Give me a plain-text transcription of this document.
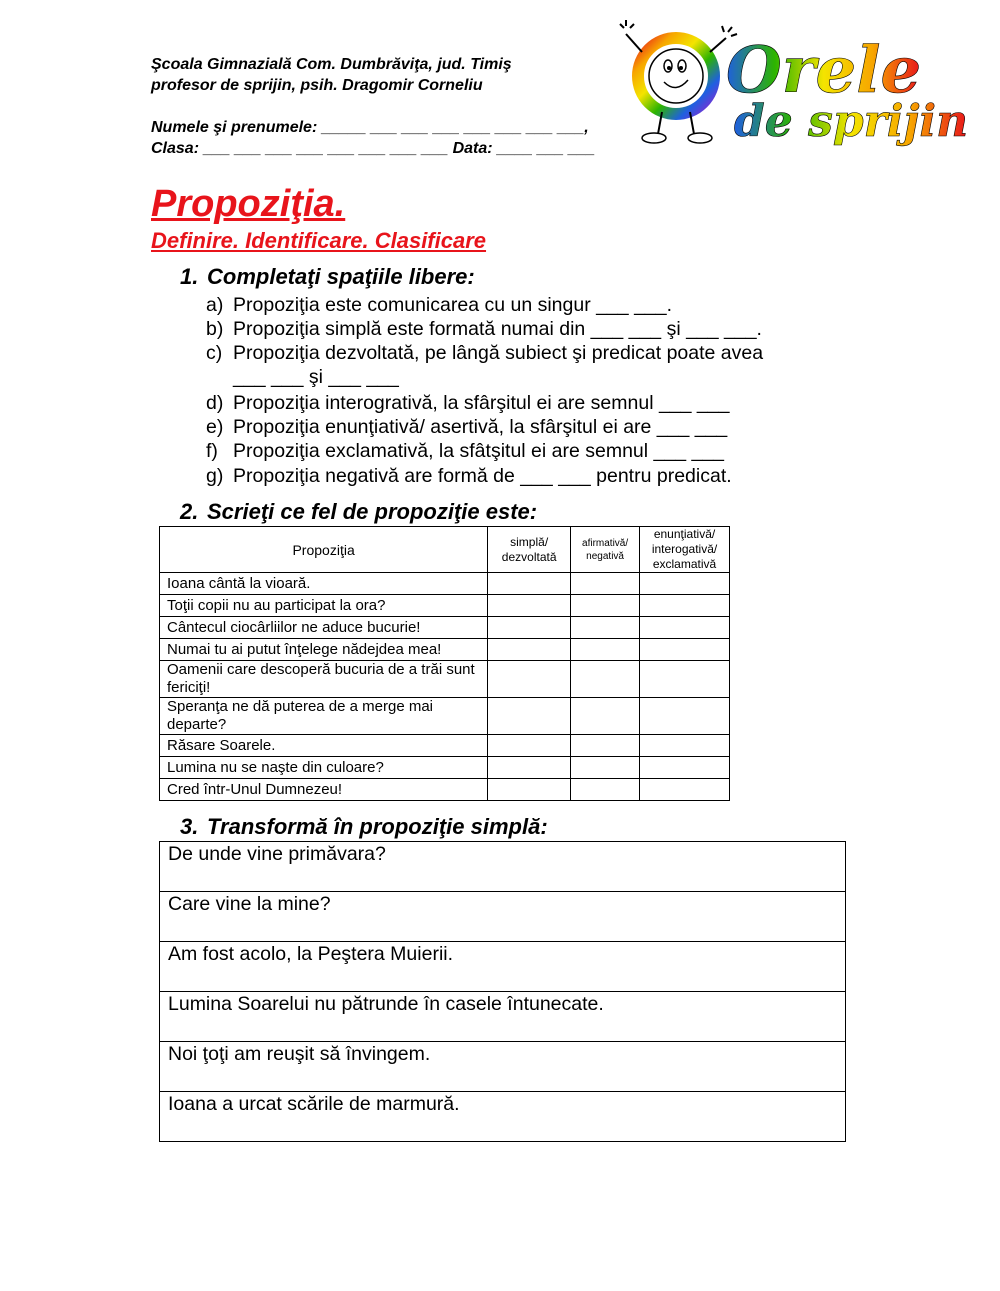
Şcoala Gimnazială Com. Dumbrăviţa, jud. Timiş
profesor de sprijin, psih. Dragomir Corneliu
Numele şi prenumele: _____ ___ ___ ___ ___ ___ ___ ___,
Clasa: ___ ___ ___ ___ ___ ___ ___ ___ Data: ____ ___ ___
Orele
de sprijin
Propoziţia.
Definire. Identificare. Clasificare
1. Completaţi spaţiile libere:
a) Propoziţia este comunicarea cu un singur ___ ___.
b) Propoziţia simplă este formată numai din ___ ___ şi ___ ___.
c) Propoziţia dezvoltată, pe lângă subiect şi predicat poate avea
___ ___ şi ___ ___
d) Propoziţia interogrativă, la sfârşitul ei are semnul ___ ___
e) Propoziţia enunţiativă/ asertivă, la sfârşitul ei are ___ ___
f) Propoziţia exclamativă, la sfâtşitul ei are semnul ___ ___
g) Propoziţia negativă are formă de ___ ___ pentru predicat.
2. Scrieţi ce fel de propoziţie este:
Propoziţia	simplă/ dezvoltată	afirmativă/ negativă	enunţiativă/ interogativă/ exclamativă
Ioana cântă la vioară.			
Toţii copii nu au participat la ora?			
Cântecul ciocârliilor ne aduce bucurie!			
Numai tu ai putut înţelege nădejdea mea!			
Oamenii care descoperă bucuria de a trăi sunt fericiţi!			
Speranţa ne dă puterea de a merge mai departe?			
Răsare Soarele.			
Lumina nu se naşte din culoare?			
Cred într-Unul Dumnezeu!			
3. Transformă în propoziţie simplă:
De unde vine primăvara?
Care vine la mine?
Am fost acolo, la Peştera Muierii.
Lumina Soarelui nu pătrunde în casele întunecate.
Noi ţoţi am reuşit să învingem.
Ioana a urcat scările de marmură.
